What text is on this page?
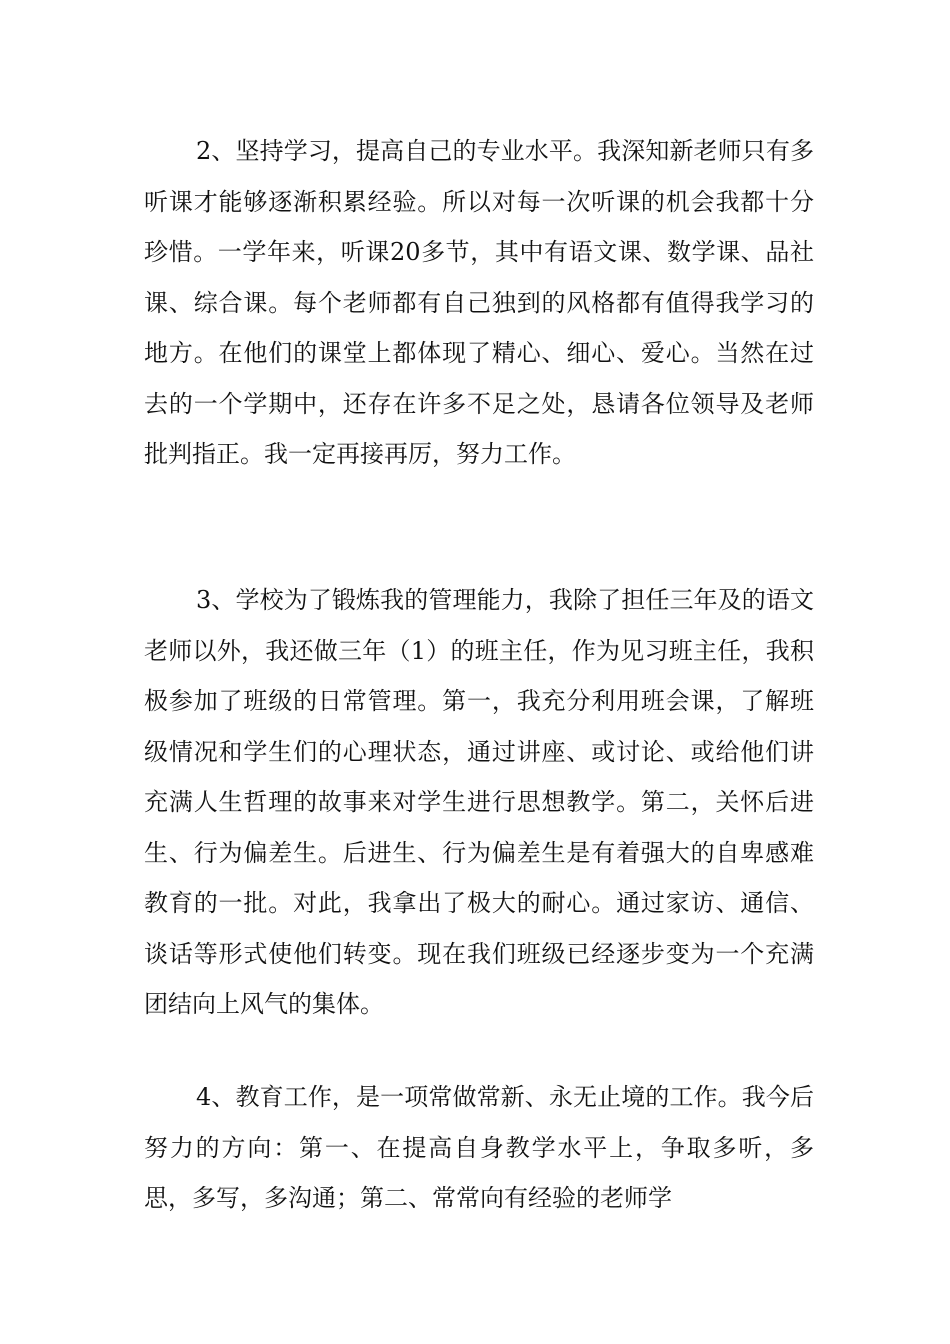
2、坚持学习，提高自己的专业水平。我深知新老师只有多听课才能够逐渐积累经验。所以对每一次听课的机会我都十分珍惜。一学年来，听课20多节，其中有语文课、数学课、品社课、综合课。每个老师都有自己独到的风格都有值得我学习的地方。在他们的课堂上都体现了精心、细心、爱心。当然在过去的一个学期中，还存在许多不足之处，恳请各位领导及老师批判指正。我一定再接再厉，努力工作。

3、学校为了锻炼我的管理能力，我除了担任三年及的语文老师以外，我还做三年（1）的班主任，作为见习班主任，我积极参加了班级的日常管理。第一，我充分利用班会课，了解班级情况和学生们的心理状态，通过讲座、或讨论、或给他们讲充满人生哲理的故事来对学生进行思想教学。第二，关怀后进生、行为偏差生。后进生、行为偏差生是有着强大的自卑感难教育的一批。对此，我拿出了极大的耐心。通过家访、通信、谈话等形式使他们转变。现在我们班级已经逐步变为一个充满团结向上风气的集体。

4、教育工作，是一项常做常新、永无止境的工作。我今后努力的方向：第一、在提高自身教学水平上，争取多听，多思，多写，多沟通；第二、常常向有经验的老师学
